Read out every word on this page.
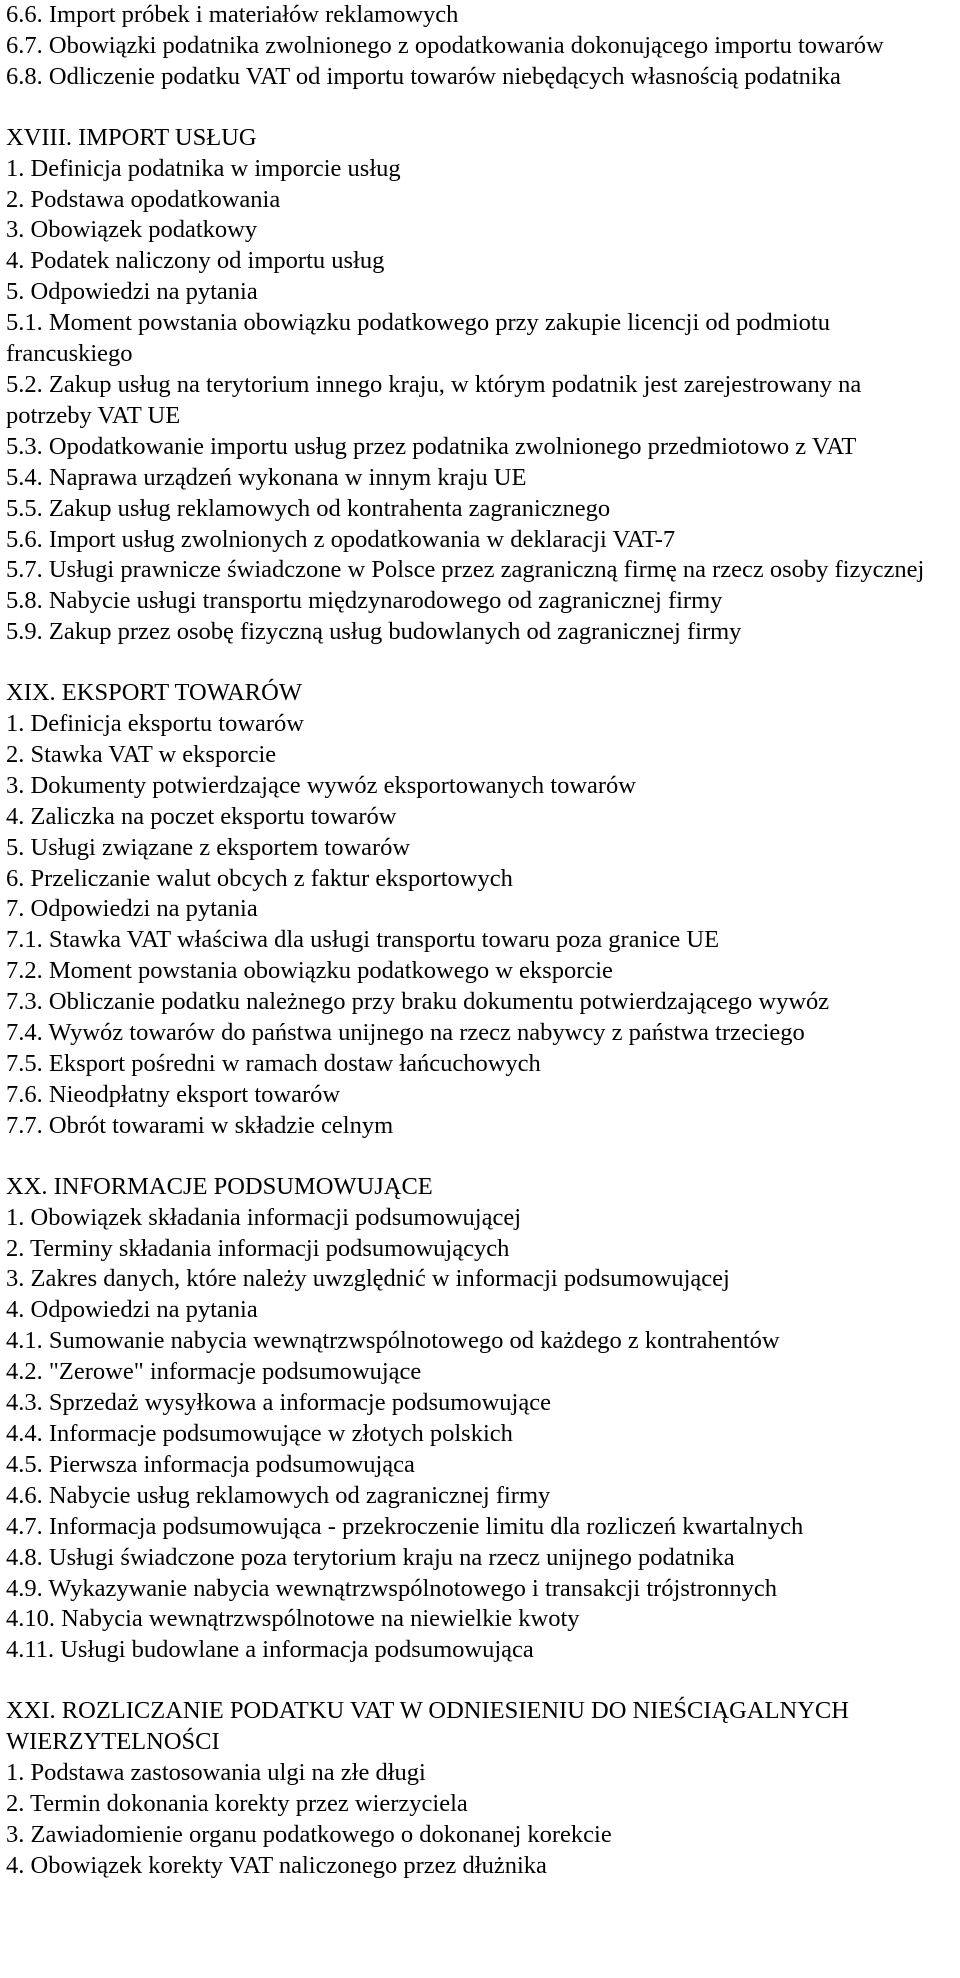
6.6. Import próbek i materiałów reklamowych
6.7. Obowiązki podatnika zwolnionego z opodatkowania dokonującego importu towarów
6.8. Odliczenie podatku VAT od importu towarów niebędących własnością podatnika
XVIII. IMPORT USŁUG
1. Definicja podatnika w imporcie usług
2. Podstawa opodatkowania
3. Obowiązek podatkowy
4. Podatek naliczony od importu usług
5. Odpowiedzi na pytania
5.1. Moment powstania obowiązku podatkowego przy zakupie licencji od podmiotu francuskiego
5.2. Zakup usług na terytorium innego kraju, w którym podatnik jest zarejestrowany na potrzeby VAT UE
5.3. Opodatkowanie importu usług przez podatnika zwolnionego przedmiotowo z VAT
5.4. Naprawa urządzeń wykonana w innym kraju UE
5.5. Zakup usług reklamowych od kontrahenta zagranicznego
5.6. Import usług zwolnionych z opodatkowania w deklaracji VAT-7
5.7. Usługi prawnicze świadczone w Polsce przez zagraniczną firmę na rzecz osoby fizycznej
5.8. Nabycie usługi transportu międzynarodowego od zagranicznej firmy
5.9. Zakup przez osobę fizyczną usług budowlanych od zagranicznej firmy
XIX. EKSPORT TOWARÓW
1. Definicja eksportu towarów
2. Stawka VAT w eksporcie
3. Dokumenty potwierdzające wywóz eksportowanych towarów
4. Zaliczka na poczet eksportu towarów
5. Usługi związane z eksportem towarów
6. Przeliczanie walut obcych z faktur eksportowych
7. Odpowiedzi na pytania
7.1. Stawka VAT właściwa dla usługi transportu towaru poza granice UE
7.2. Moment powstania obowiązku podatkowego w eksporcie
7.3. Obliczanie podatku należnego przy braku dokumentu potwierdzającego wywóz
7.4. Wywóz towarów do państwa unijnego na rzecz nabywcy z państwa trzeciego
7.5. Eksport pośredni w ramach dostaw łańcuchowych
7.6. Nieodpłatny eksport towarów
7.7. Obrót towarami w składzie celnym
XX. INFORMACJE PODSUMOWUJĄCE
1. Obowiązek składania informacji podsumowującej
2. Terminy składania informacji podsumowujących
3. Zakres danych, które należy uwzględnić w informacji podsumowującej
4. Odpowiedzi na pytania
4.1. Sumowanie nabycia wewnątrzwspólnotowego od każdego z kontrahentów
4.2. "Zerowe" informacje podsumowujące
4.3. Sprzedaż wysyłkowa a informacje podsumowujące
4.4. Informacje podsumowujące w złotych polskich
4.5. Pierwsza informacja podsumowująca
4.6. Nabycie usług reklamowych od zagranicznej firmy
4.7. Informacja podsumowująca - przekroczenie limitu dla rozliczeń kwartalnych
4.8. Usługi świadczone poza terytorium kraju na rzecz unijnego podatnika
4.9. Wykazywanie nabycia wewnątrzwspólnotowego i transakcji trójstronnych
4.10. Nabycia wewnątrzwspólnotowe na niewielkie kwoty
4.11. Usługi budowlane a informacja podsumowująca
XXI. ROZLICZANIE PODATKU VAT W ODNIESIENIU DO NIEŚCIĄGALNYCH WIERZYTELNOŚCI
1. Podstawa zastosowania ulgi na złe długi
2. Termin dokonania korekty przez wierzyciela
3. Zawiadomienie organu podatkowego o dokonanej korekcie
4. Obowiązek korekty VAT naliczonego przez dłużnika
